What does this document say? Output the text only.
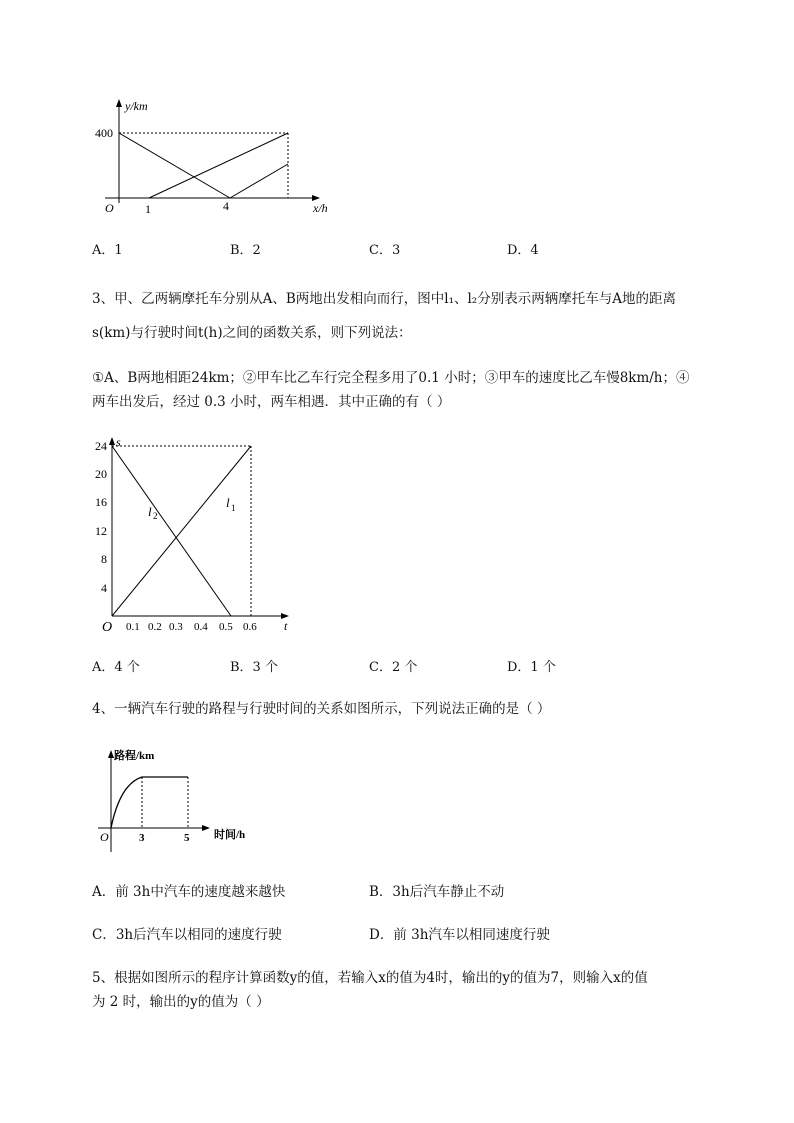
y/km
400
O	1	4	x/h
A．1	B．2	C．3	D．4
3、甲、乙两辆摩托车分别从A、B两地出发相向而行，图中l₁、l₂分别表示两辆摩托车与A地的距离
s(km)与行驶时间t(h)之间的函数关系，则下列说法：
①A、B两地相距24km；②甲车比乙车行完全程多用了0.1 小时；③甲车的速度比乙车慢8km/h；④
两车出发后，经过 0.3 小时，两车相遇．其中正确的有（ ）
s
24
20
16
12
8
4
O 0.1 0.2 0.3 0.4 0.5 0.6 t
l 2
l 1
A．4 个	B．3 个	C．2 个	D．1 个
4、一辆汽车行驶的路程与行驶时间的关系如图所示，下列说法正确的是（ ）
路程/km
O	3	5 时间/h
A．前 3h中汽车的速度越来越快	B．3h后汽车静止不动
C．3h后汽车以相同的速度行驶	D．前 3h汽车以相同速度行驶
5、根据如图所示的程序计算函数y的值，若输入x的值为4时，输出的y的值为7，则输入x的值
为 2 时，输出的y的值为（ ）
